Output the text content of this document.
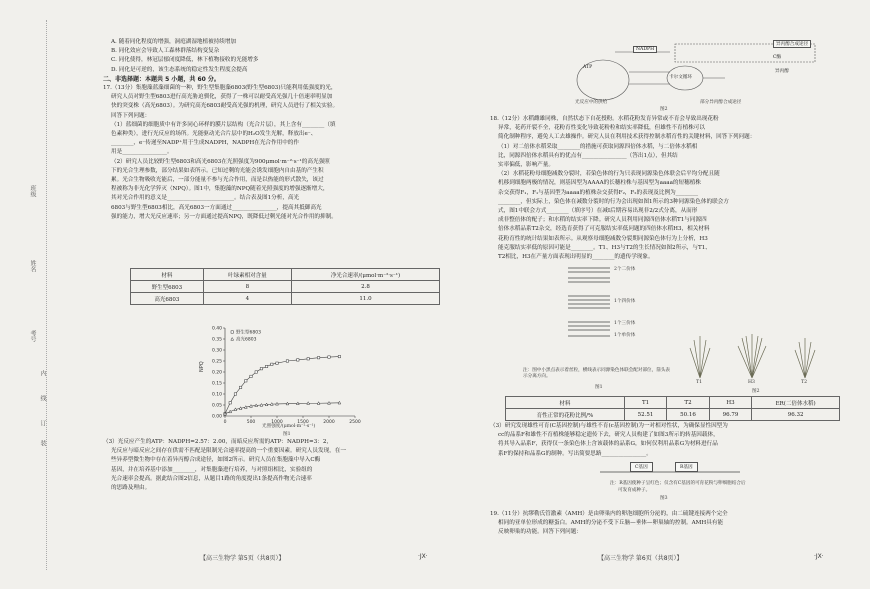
班级
姓名
考号
内
线
订
装

A. 随着同化程度的增强，洞庭湖湿地植被持续增加

B. 同化效应会导致人工森林群落结构变复杂

C. 同化使得，林冠层郁闭度降低，林下植物接收的光能增多

D. 同化是可逆的，该生态系统的稳定性发生程度会提高

二、非选择题：本题共 5 小题，共 60 分。

17.（13分）集胞藻蓝藻细菌的一种，野生型集胞藻6803(野生型6803)只能利用低强度的光，

研究人员对野生型6803进行高光胁迫驯化，获得了一株可以耐受高光强几十倍速率明显加

快的突变株（高光6803）。为研究高光6803耐受高光强的机理，研究人员进行了相关实验。

回答下列问题：

（1）蓝细菌的细胞质中有许多同心环样的膜片层结构（光合片层），其上含有________（填

色素种类），进行光反应的场所。光能驱动光合片层中的H₂O发生光解，释放出e⁻、

________，e⁻传递至NADP⁺用于生成NADPH，NADPH在光合作用中的作

用是________________。

（2）研究人员比较野生型6803和高光6803在光照强度为900μmol·m⁻²·s⁻¹的高光强照

下的光合生理参数，部分结果如表所示。已知过剩的光能会诱发细胞内自由基的产生积

累。光合生物吸收光能后，一部分能量不参与光合作用，而是以热能的形式散失，该过

程被称为非光化学猝灭（NPQ）。图1中，集胞藻的NPQ随着光照强度的增强逐渐增大，

其对光合作用的意义是________________________。结合表及图1分析，高光

6803与野生型6803相比，高光6803一方面通过________________，提高其抵御高光

强的能力，增大光反应速率；另一方面通过提高NPQ，既降低过剩光能对光合作用的抑制。

材料	叶绿素相对含量	净光合速率/(μmol·m⁻²·s⁻¹)
野生型6803	8	2.8
高光6803	4	11.0
0.00
0.05
0.10
0.15
0.20
0.25
0.30
0.35
0.40
0	500	1000	1500	2000	2500
NPQ
野生型6803
高光6803
光照强度/(μmol·m⁻²·s⁻¹)
图1

（3）光反应产生的ATP：NADPH=2.57：2.00，而暗反应所需的ATP：NADPH=3：2，

光反应与暗反应之间存在供需不匹配是限制光合速率提高的一个重要因素。研究人员发现，在一

些异养型微生物中存在着异丙醇合成途径，如图2所示。研究人员在集胞藻中导入C酶

基因，并在培养基中添加________，对集胞藻进行培养，与对照组相比，实验组的

光合速率会提高。据此结合图2信息，从题目1路的角度提出1条提高作物光合速率

的思路及理由。

【高三生物学 第5页（共8页）】	·JX·
NADPH
ATP
卡尔文循环
异丙醇合成途径
C酶
异丙醇
光反应中的供给	部分异丙醇合成途径
图2

18.（12分）水稻雌雄同株，自然状态下自花授粉。水稻花粉发育异常或不育会导致出现花粉

异常，花药开裂不全，花粉育性变化导致花粉粒和结实率降低，但雄性不育植株可以

简化制种程序，避免人工去雄操作。研究人员在利用技术获得控制水稻育性的关键材料，回答下列问题：

（1）对二倍体水稻采取________的措施可获取同源四倍体水稻，与二倍体水稻相

比，同源四倍体水稻具有的优点有________________（答出1点），但其结

实率偏低，影响产量。

（2）水稻花粉母细胞减数分裂时，若染色体的行为只表现同源染色体联会后平均分配且随

机移到细胞两极的情况，则基因型为AAAA的长穗柱株与基因型为aaaa的短穗植株

杂交获得F₁，F₁与基因型为aaaa的植株杂交获得F₂，F₂的表现及比例为________

________，但实际上，染色体在减数分裂时的行为会出现如图1所示的3种同源染色体的联会方

式，图1中联会方式________（填序号）在减Ⅰ后期容易出现非2/2式分离，从而形

成非整倍体的配子；和水稻的结实率下降。研究人员利用同源四倍体水稻T1与同源四

倍体水稻品系T2杂交，经选育获得了可克服结实率低问题的四倍体水稻H3，相关材料

花粉育性的统计结果如表所示。从观察母细胞减数分裂期同源染色体行为上分析，H3

能克服结实率低的原因可能是________。T1、H3与T2的生长情况如图2所示，与T1、

T2相比，H3在产量方面表现出明显的________的遗传学现象。

2个二价体
1个四价体
1个三价体
1个单价体
注：图中小黑点表示着丝粒，横线表示同源染色体联会配对部位，箭头表示分离方向。
图1
T1	H3	T2
图2
材料	T1	T2	H3	ER(二倍体水稻)
育性正常的花粉比例/%	52.51	50.16	96.79	96.32

（3）研究发现雄性可育(C基因控制)与雄性不育(c基因控制)为一对相对性状，为确保显性因型为

cc的品系F和雄性不育植株能够稳定遗传下去，研究人员构建了如图3所示的转基因载体，

将其导入品系F，获得仅一条染色体上含该载体的品系G，如何仅利用品系G为材料进行品

系F的保持和品系G的制种。写出简要思路________________。

C基因	R基因
注：R基因使种子呈红色；仅含有C基因的可育花粉与卵细胞结合后
可发育成种子。
图3

19.（11分）抗缪勒氏管激素（AMH）是由卵巢内的卵泡细胞所分泌的，由二硫键连接两个完全

相同的亚单位形成的糖蛋白。AMH的分泌不受下丘脑—垂体—卵巢轴的控制。AMH具有能

反映卵巢的功能。回答下列问题：

【高三生物学 第6页（共8页）】	·JX·
